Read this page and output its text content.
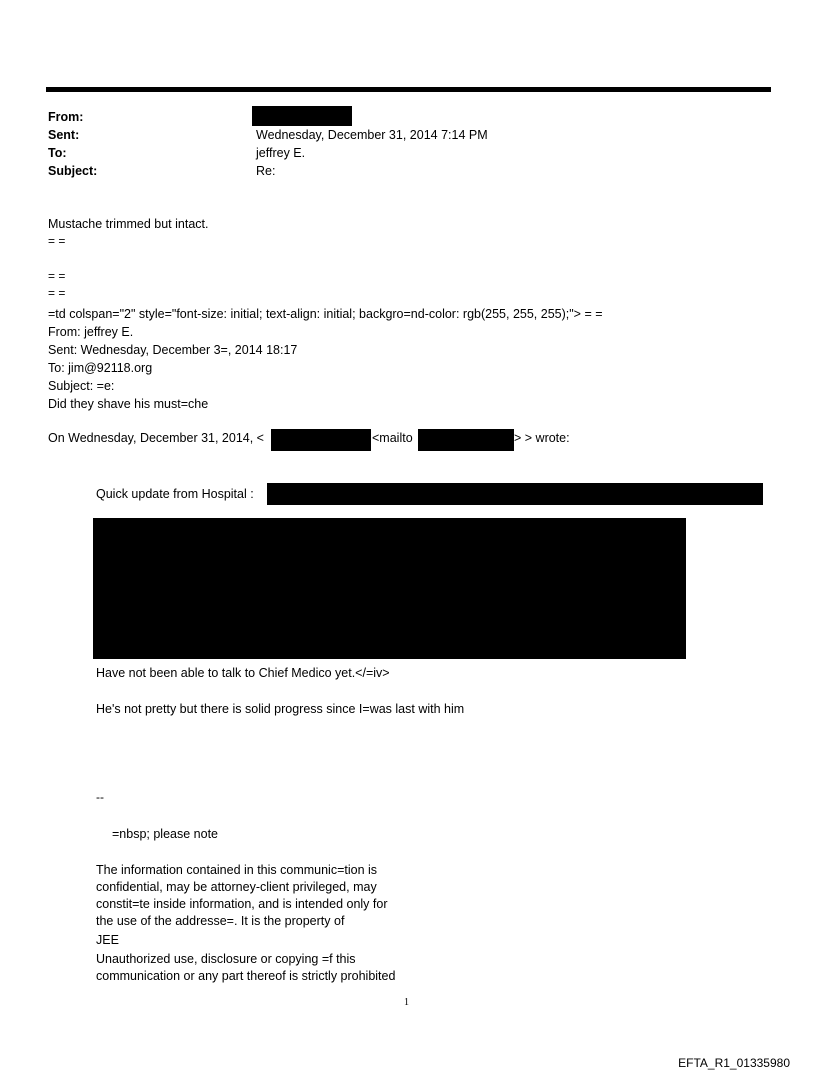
From:
Sent:
To:
Subject:
Wednesday, December 31, 2014 7:14 PM
jeffrey E.
Re:
Mustache trimmed but intact.
= =
= =
= =
=td colspan="2" style="font-size: initial; text-align: initial; backgro=nd-color: rgb(255, 255, 255);"> = =
From: jeffrey E.
Sent: Wednesday, December 3=, 2014 18:17
To: jim@92118.org
Subject: =e:
Did they shave his must=che
On Wednesday, December 31, 2014, <	<mailto	> > wrote:
Quick update from Hospital :
Have not been able to talk to Chief Medico yet.</=iv>
He's not pretty but there is solid progress since I=was last with him
--
=nbsp; please note
The information contained in this communic=tion is
confidential, may be attorney-client privileged, may
constit=te inside information, and is intended only for
the use of the addresse=. It is the property of
JEE
Unauthorized use, disclosure or copying =f this
communication or any part thereof is strictly prohibited
1
EFTA_R1_01335980
